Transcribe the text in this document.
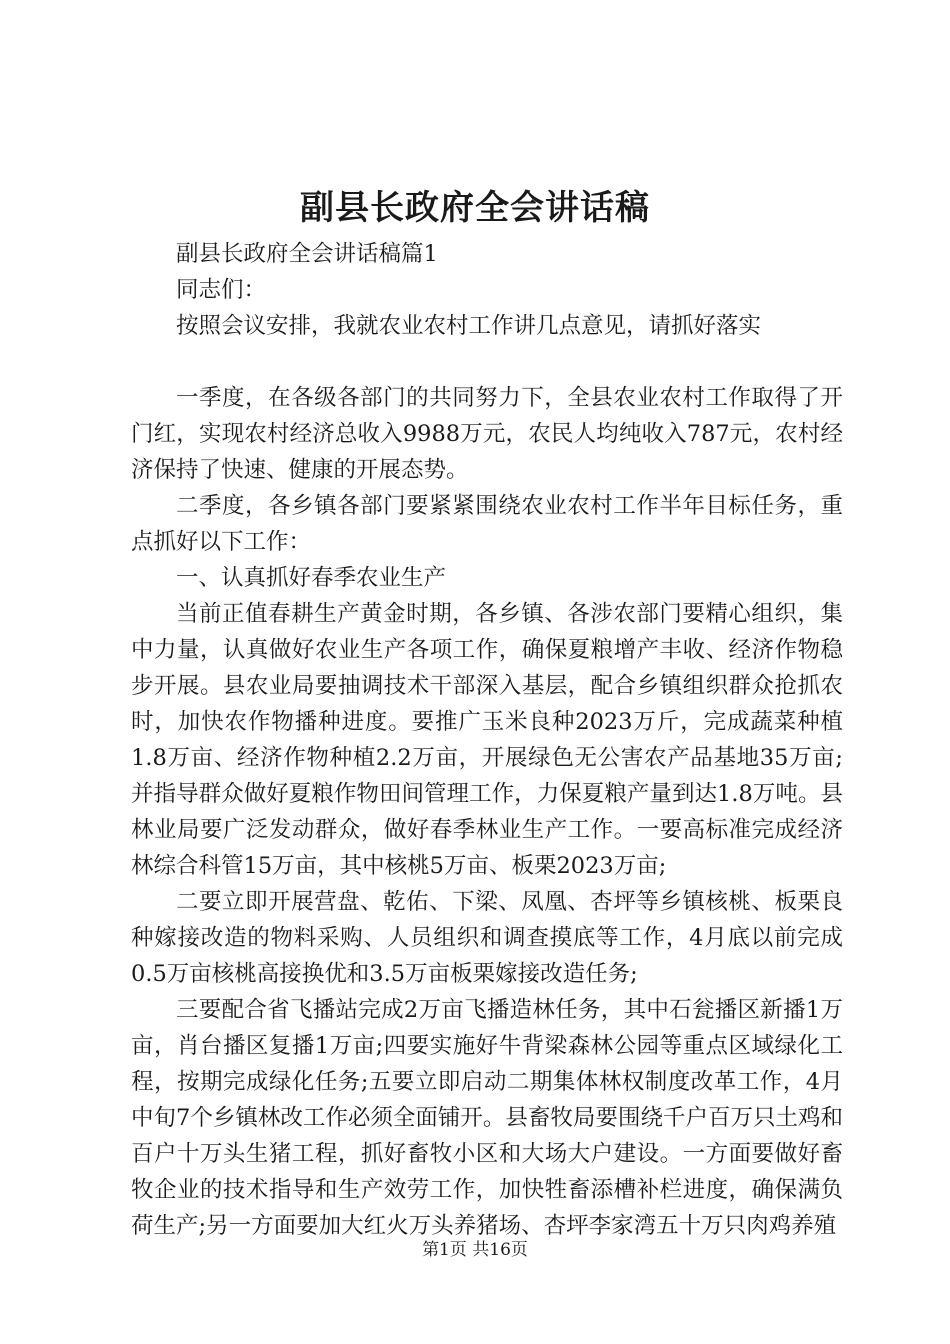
副县长政府全会讲话稿

副县长政府全会讲话稿篇1

同志们：

按照会议安排，我就农业农村工作讲几点意见，请抓好落实

一季度，在各级各部门的共同努力下，全县农业农村工作取得了开门红，实现农村经济总收入9988万元，农民人均纯收入787元，农村经济保持了快速、健康的开展态势。

二季度，各乡镇各部门要紧紧围绕农业农村工作半年目标任务，重点抓好以下工作：

一、认真抓好春季农业生产

当前正值春耕生产黄金时期，各乡镇、各涉农部门要精心组织，集中力量，认真做好农业生产各项工作，确保夏粮增产丰收、经济作物稳步开展。县农业局要抽调技术干部深入基层，配合乡镇组织群众抢抓农时，加快农作物播种进度。要推广玉米良种2023万斤，完成蔬菜种植1.8万亩、经济作物种植2.2万亩，开展绿色无公害农产品基地35万亩;并指导群众做好夏粮作物田间管理工作，力保夏粮产量到达1.8万吨。县林业局要广泛发动群众，做好春季林业生产工作。一要高标准完成经济林综合科管15万亩，其中核桃5万亩、板栗2023万亩;

二要立即开展营盘、乾佑、下梁、凤凰、杏坪等乡镇核桃、板栗良种嫁接改造的物料采购、人员组织和调查摸底等工作，4月底以前完成0.5万亩核桃高接换优和3.5万亩板栗嫁接改造任务;

三要配合省飞播站完成2万亩飞播造林任务，其中石瓮播区新播1万亩，肖台播区复播1万亩;四要实施好牛背梁森林公园等重点区域绿化工程，按期完成绿化任务;五要立即启动二期集体林权制度改革工作，4月中旬7个乡镇林改工作必须全面铺开。县畜牧局要围绕千户百万只土鸡和百户十万头生猪工程，抓好畜牧小区和大场大户建设。一方面要做好畜牧企业的技术指导和生产效劳工作，加快牲畜添槽补栏进度，确保满负荷生产;另一方面要加大红火万头养猪场、杏坪李家湾五十万只肉鸡养殖

第1页 共16页
